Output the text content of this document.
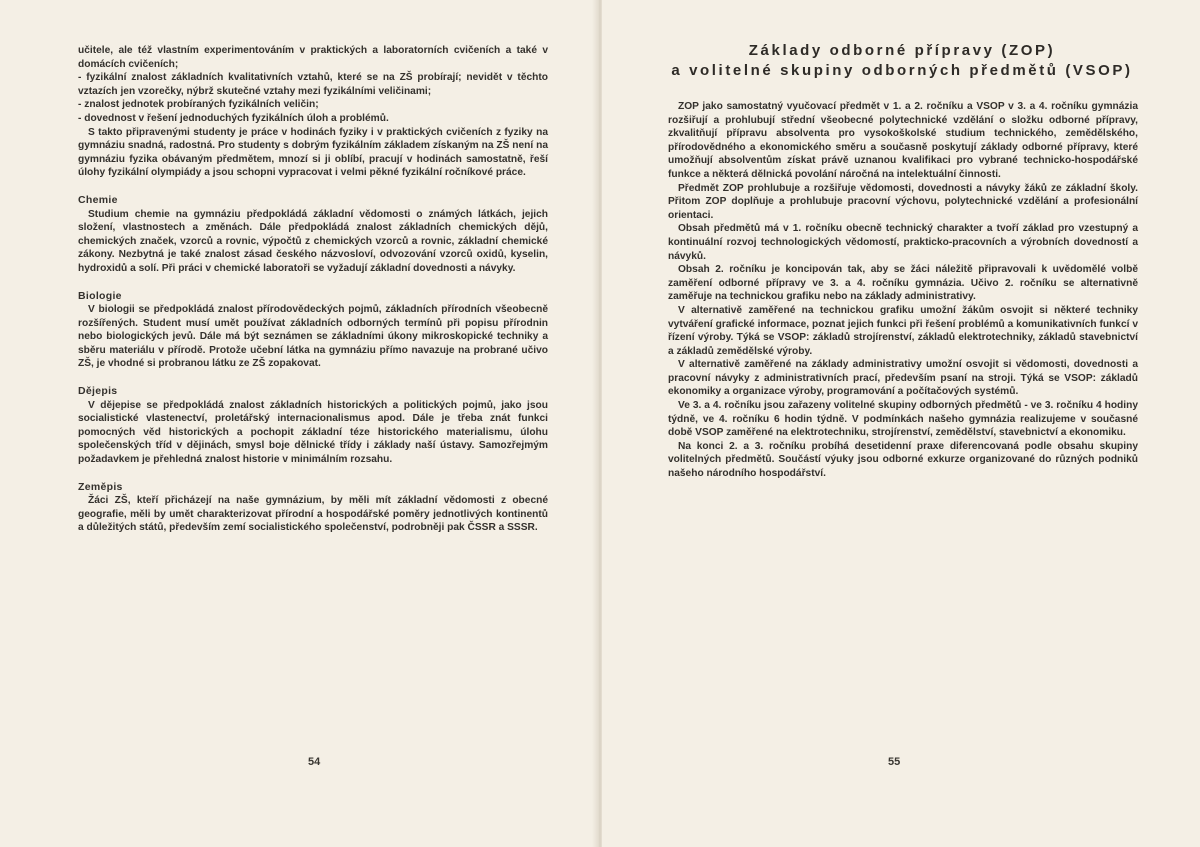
učitele, ale též vlastním experimentováním v praktických a laboratorních cvičeních a také v domácích cvičeních;

- fyzikální znalost základních kvalitativních vztahů, které se na ZŠ probírají; nevidět v těchto vztazích jen vzorečky, nýbrž skutečné vztahy mezi fyzikálními veličinami;

- znalost jednotek probíraných fyzikálních veličin;

- dovednost v řešení jednoduchých fyzikálních úloh a problémů.

S takto připravenými studenty je práce v hodinách fyziky i v praktických cvičeních z fyziky na gymnáziu snadná, radostná. Pro studenty s dobrým fyzikálním základem získaným na ZŠ není na gymnáziu fyzika obávaným předmětem, mnozí si ji oblíbí, pracují v hodinách samostatně, řeší úlohy fyzikální olympiády a jsou schopni vypracovat i velmi pěkné fyzikální ročníkové práce.

Chemie

Studium chemie na gymnáziu předpokládá základní vědomosti o známých látkách, jejich složení, vlastnostech a změnách. Dále předpokládá znalost základních chemických dějů, chemických značek, vzorců a rovnic, výpočtů z chemických vzorců a rovnic, základní chemické zákony. Nezbytná je také znalost zásad českého názvosloví, odvozování vzorců oxidů, kyselin, hydroxidů a solí. Při práci v chemické laboratoři se vyžadují základní dovednosti a návyky.

Biologie

V biologii se předpokládá znalost přírodovědeckých pojmů, základních přírodních všeobecně rozšířených. Student musí umět používat základních odborných termínů při popisu přírodnin nebo biologických jevů. Dále má být seznámen se základními úkony mikroskopické techniky a sběru materiálu v přírodě. Protože učební látka na gymnáziu přímo navazuje na probrané učivo ZŠ, je vhodné si probranou látku ze ZŠ zopakovat.

Dějepis

V dějepise se předpokládá znalost základních historických a politických pojmů, jako jsou socialistické vlastenectví, proletářský internacionalismus apod. Dále je třeba znát funkci pomocných věd historických a pochopit základní téze historického materialismu, úlohu společenských tříd v dějinách, smysl boje dělnické třídy i základy naší ústavy. Samozřejmým požadavkem je přehledná znalost historie v minimálním rozsahu.

Zeměpis

Žáci ZŠ, kteří přicházejí na naše gymnázium, by měli mít základní vědomosti z obecné geografie, měli by umět charakterizovat přírodní a hospodářské poměry jednotlivých kontinentů a důležitých států, především zemí socialistického společenství, podrobněji pak ČSSR a SSSR.

54
Základy odborné přípravy (ZOP)
a volitelné skupiny odborných předmětů (VSOP)

ZOP jako samostatný vyučovací předmět v 1. a 2. ročníku a VSOP v 3. a 4. ročníku gymnázia rozšiřují a prohlubují střední všeobecné polytechnické vzdělání o složku odborné přípravy, zkvalitňují přípravu absolventa pro vysokoškolské studium technického, zemědělského, přírodovědného a ekonomického směru a současně poskytují základy odborné přípravy, které umožňují absolventům získat právě uznanou kvalifikaci pro vybrané technicko-hospodářské funkce a některá dělnická povolání náročná na intelektuální činnosti.

Předmět ZOP prohlubuje a rozšiřuje vědomosti, dovednosti a návyky žáků ze základní školy. Přitom ZOP doplňuje a prohlubuje pracovní výchovu, polytechnické vzdělání a profesionální orientaci.

Obsah předmětů má v 1. ročníku obecně technický charakter a tvoří základ pro vzestupný a kontinuální rozvoj technologických vědomostí, prakticko-pracovních a výrobních dovedností a návyků.

Obsah 2. ročníku je koncipován tak, aby se žáci náležitě připravovali k uvědomělé volbě zaměření odborné přípravy ve 3. a 4. ročníku gymnázia. Učivo 2. ročníku se alternativně zaměřuje na technickou grafiku nebo na základy administrativy.

V alternativě zaměřené na technickou grafiku umožní žákům osvojit si některé techniky vytváření grafické informace, poznat jejich funkci při řešení problémů a komunikativních funkcí v řízení výroby. Týká se VSOP: základů strojírenství, základů elektrotechniky, základů stavebnictví a základů zemědělské výroby.

V alternativě zaměřené na základy administrativy umožní osvojit si vědomosti, dovednosti a pracovní návyky z administrativních prací, především psaní na stroji. Týká se VSOP: základů ekonomiky a organizace výroby, programování a počítačových systémů.

Ve 3. a 4. ročníku jsou zařazeny volitelné skupiny odborných předmětů - ve 3. ročníku 4 hodiny týdně, ve 4. ročníku 6 hodin týdně. V podmínkách našeho gymnázia realizujeme v současné době VSOP zaměřené na elektrotechniku, strojírenství, zemědělství, stavebnictví a ekonomiku.

Na konci 2. a 3. ročníku probíhá desetidenní praxe diferencovaná podle obsahu skupiny volitelných předmětů. Součástí výuky jsou odborné exkurze organizované do různých podniků našeho národního hospodářství.

55
